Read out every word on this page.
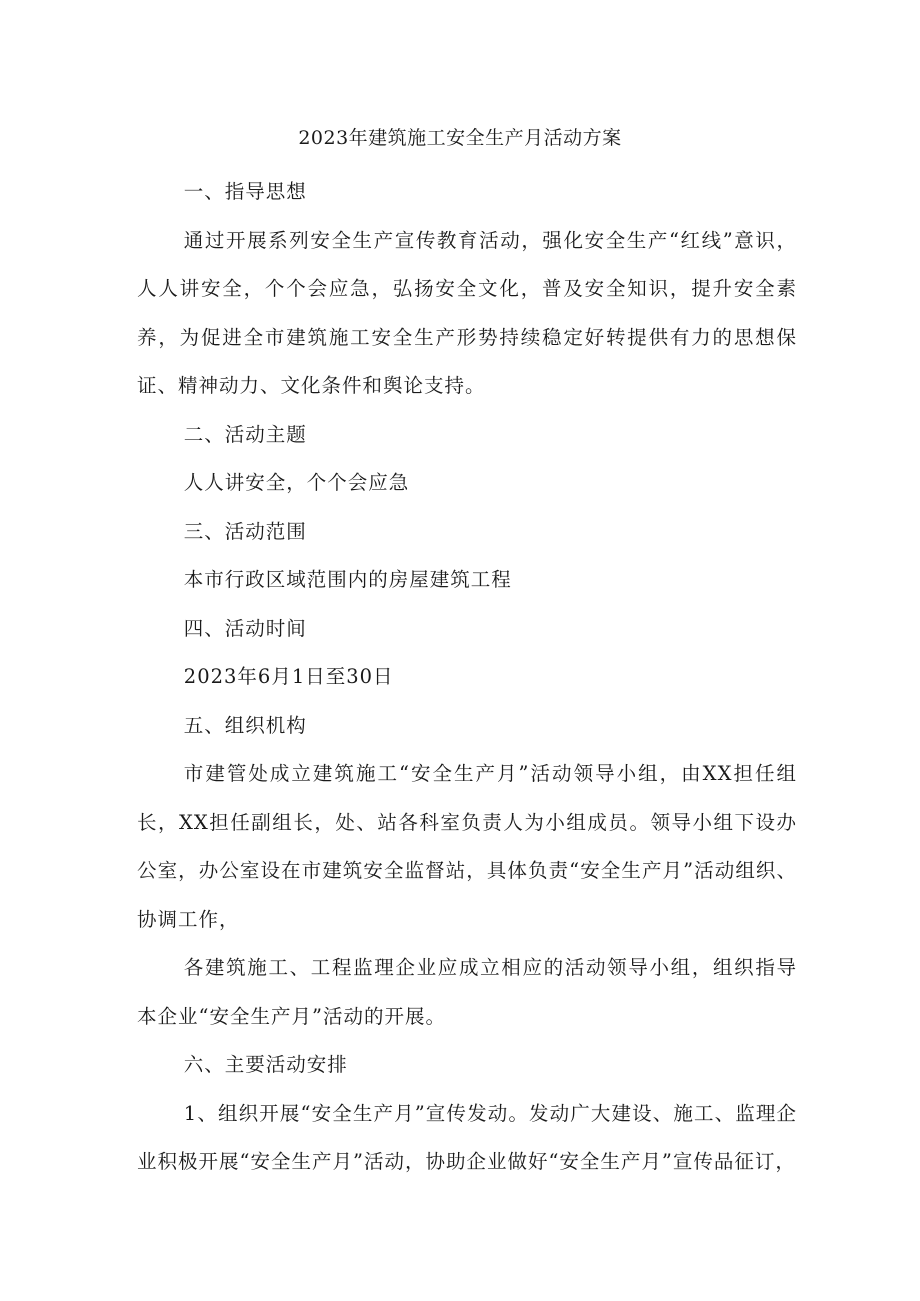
2023年建筑施工安全生产月活动方案

一、指导思想

通过开展系列安全生产宣传教育活动，强化安全生产“红线”意识，人人讲安全，个个会应急，弘扬安全文化，普及安全知识，提升安全素养，为促进全市建筑施工安全生产形势持续稳定好转提供有力的思想保证、精神动力、文化条件和舆论支持。

二、活动主题

人人讲安全，个个会应急

三、活动范围

本市行政区域范围内的房屋建筑工程

四、活动时间

2023年6月1日至30日

五、组织机构

市建管处成立建筑施工“安全生产月”活动领导小组，由XX担任组长，XX担任副组长，处、站各科室负责人为小组成员。领导小组下设办公室，办公室设在市建筑安全监督站，具体负责“安全生产月”活动组织、协调工作，

各建筑施工、工程监理企业应成立相应的活动领导小组，组织指导本企业“安全生产月”活动的开展。

六、主要活动安排

1、组织开展“安全生产月”宣传发动。发动广大建设、施工、监理企业积极开展“安全生产月”活动，协助企业做好“安全生产月”宣传品征订，
